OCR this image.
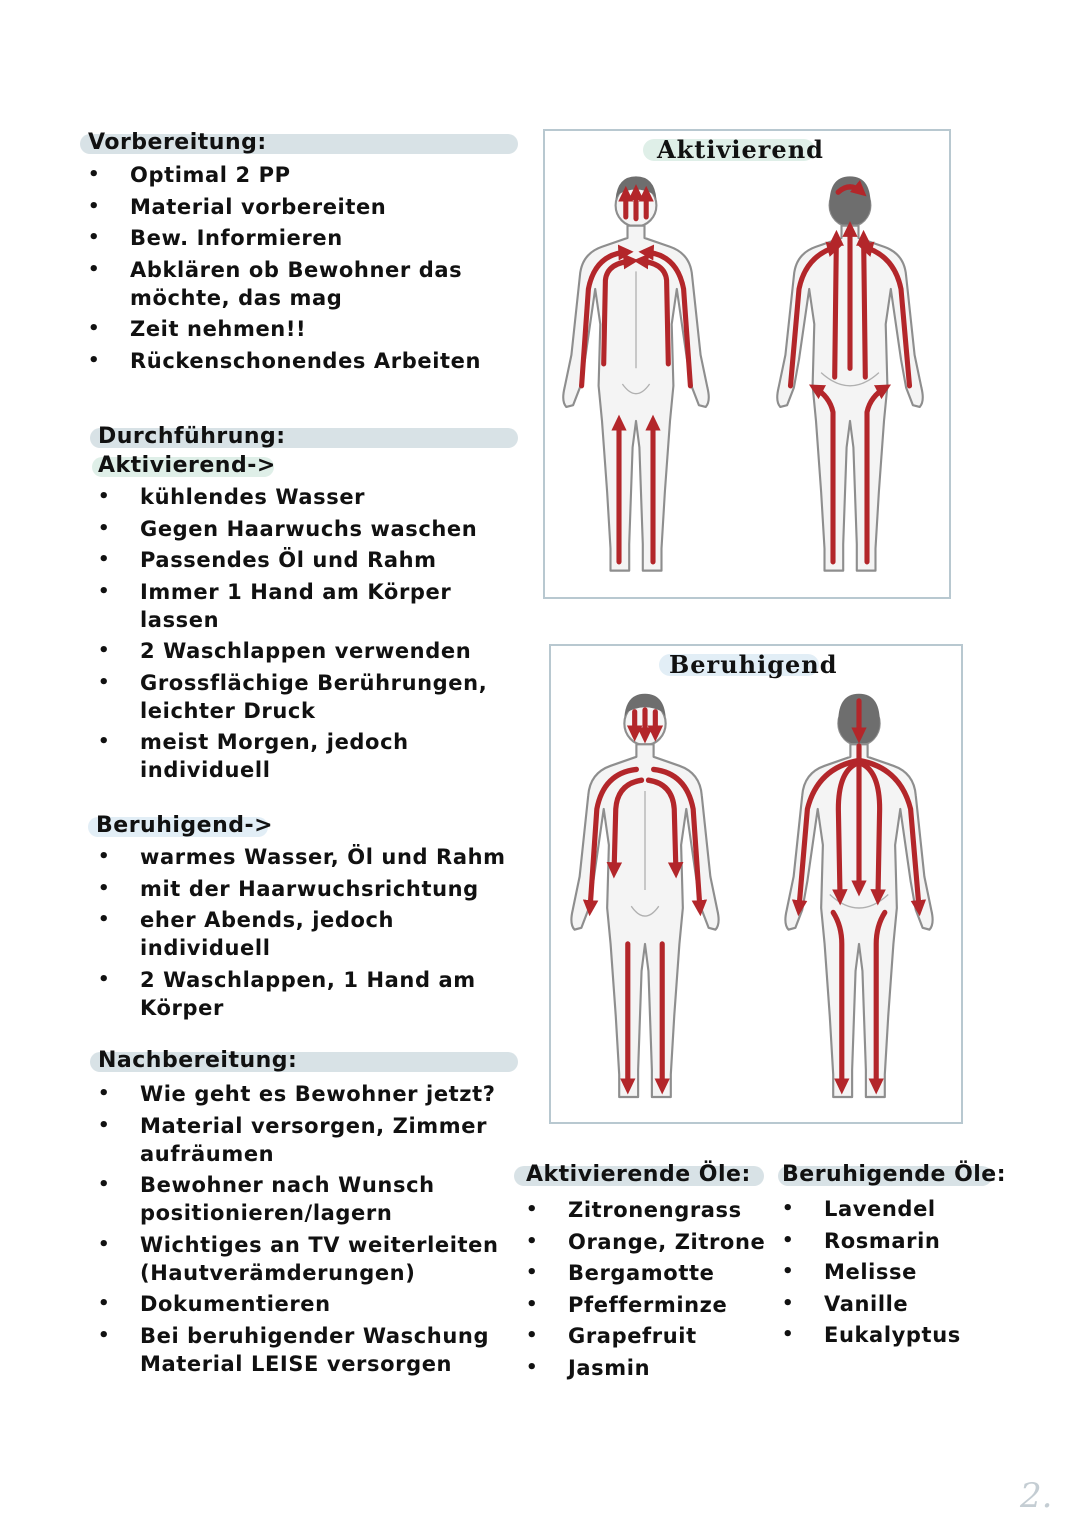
Vorbereitung:
• Optimal 2 PP
• Material vorbereiten
• Bew. Informieren
• Abklären ob Bewohner das möchte, das mag
• Zeit nehmen!!
• Rückenschonendes Arbeiten
Durchführung:
Aktivierend->
• kühlendes Wasser
• Gegen Haarwuchs waschen
• Passendes Öl und Rahm
• Immer 1 Hand am Körper lassen
• 2 Waschlappen verwenden
• Grossflächige Berührungen, leichter Druck
• meist Morgen, jedoch individuell
Beruhigend->
• warmes Wasser, Öl und Rahm
• mit der Haarwuchsrichtung
• eher Abends, jedoch individuell
• 2 Waschlappen, 1 Hand am Körper
Nachbereitung:
• Wie geht es Bewohner jetzt?
• Material versorgen, Zimmer aufräumen
• Bewohner nach Wunsch positionieren/lagern
• Wichtiges an TV weiterleiten (Hautverämderungen)
• Dokumentieren
• Bei beruhigender Waschung Material LEISE versorgen
Aktivierend
Beruhigend
Aktivierende Öle:
• Zitronengrass
• Orange, Zitrone
• Bergamotte
• Pfefferminze
• Grapefruit
• Jasmin
Beruhigende Öle:
• Lavendel
• Rosmarin
• Melisse
• Vanille
• Eukalyptus
2.
